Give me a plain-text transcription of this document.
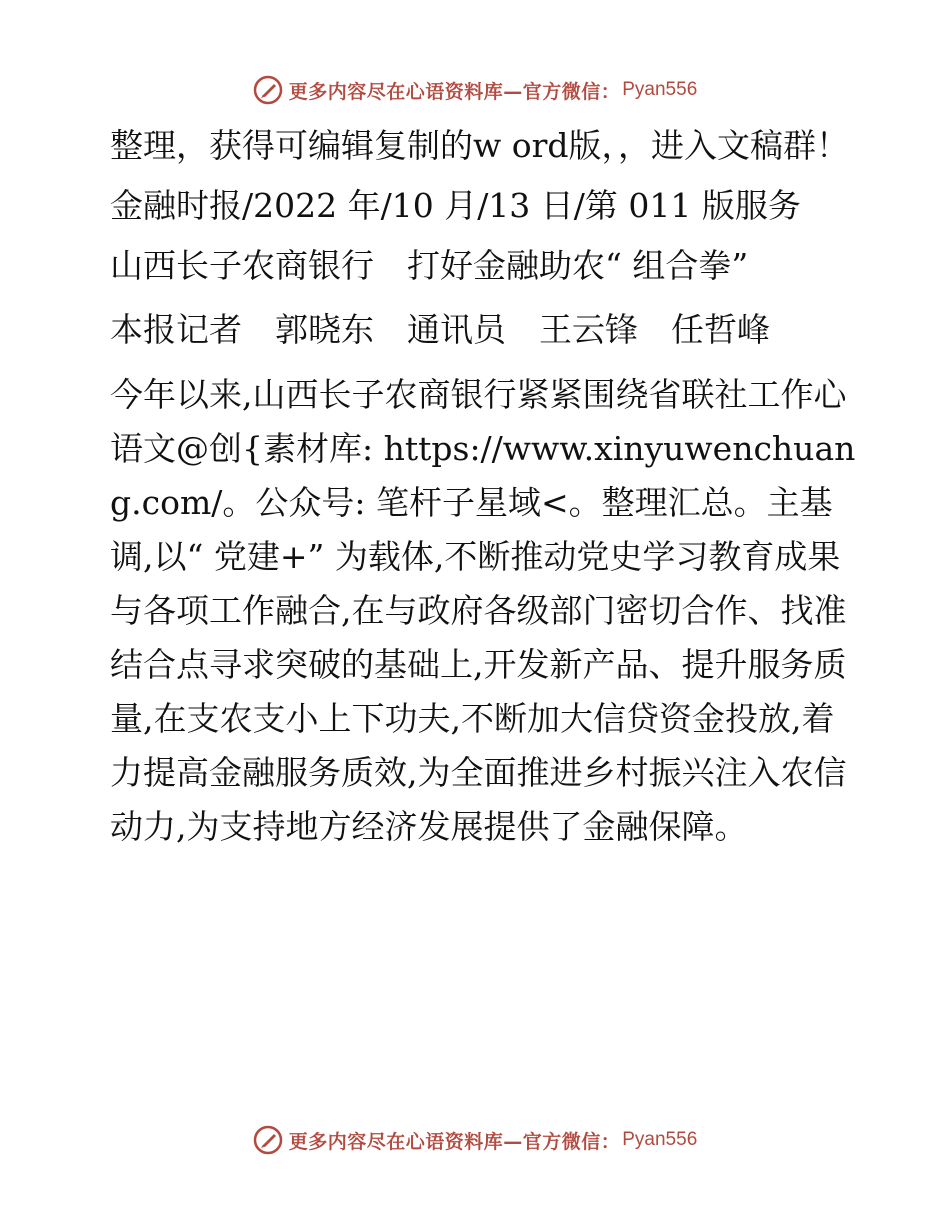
更多内容尽在心语资料库—官方微信： Pyan556

整理，获得可编辑复制的w ord版，，进入文稿群！

金融时报/2022 年/10 月/13 日/第 011 版服务

山西长子农商银行　打好金融助农“ 组合拳”

本报记者　郭晓东　通讯员　王云锋　任哲峰

今年以来,山西长子农商银行紧紧围绕省联社工作心语文@创{素材库: https://www.xinyuwenchuang.com/。公众号: 笔杆子星域<。整理汇总。主基调,以“ 党建+” 为载体,不断推动党史学习教育成果与各项工作融合,在与政府各级部门密切合作、找准结合点寻求突破的基础上,开发新产品、提升服务质量,在支农支小上下功夫,不断加大信贷资金投放,着力提高金融服务质效,为全面推进乡村振兴注入农信动力,为支持地方经济发展提供了金融保障。

更多内容尽在心语资料库—官方微信： Pyan556
